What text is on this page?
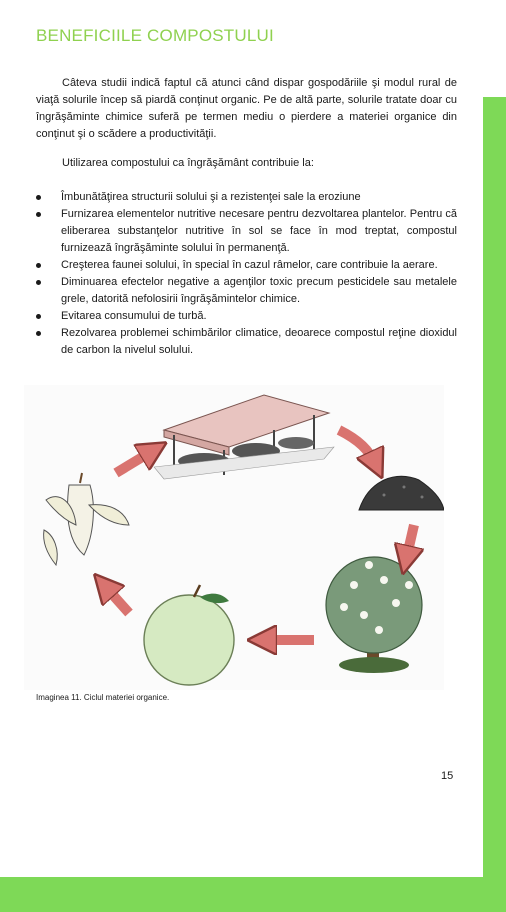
BENEFICIILE COMPOSTULUI
Câteva studii indică faptul că atunci când dispar gospodăriile şi modul rural de viaţă solurile încep să piardă conţinut organic. Pe de altă parte, solurile tratate doar cu îngrăşăminte chimice suferă pe termen mediu o pierdere a materiei organice din conţinut şi o scădere a productivităţii.
Utilizarea compostului ca îngrăşământ contribuie la:
Îmbunătăţirea structurii solului şi a rezistenţei sale la eroziune
Furnizarea elementelor nutritive necesare pentru dezvoltarea plantelor. Pentru că eliberarea substanţelor nutritive în sol se face în mod treptat, compostul furnizează îngrăşăminte solului în permanenţă.
Creşterea faunei solului, în special în cazul râmelor, care contribuie la aerare.
Diminuarea efectelor negative a agenţilor toxic precum pesticidele sau metalele grele, datorită nefolosirii îngrăşămintelor chimice.
Evitarea consumului de turbă.
Rezolvarea problemei schimbărilor climatice, deoarece compostul reţine dioxidul de carbon la nivelul solului.
Imaginea 11. Ciclul materiei organice.
15
